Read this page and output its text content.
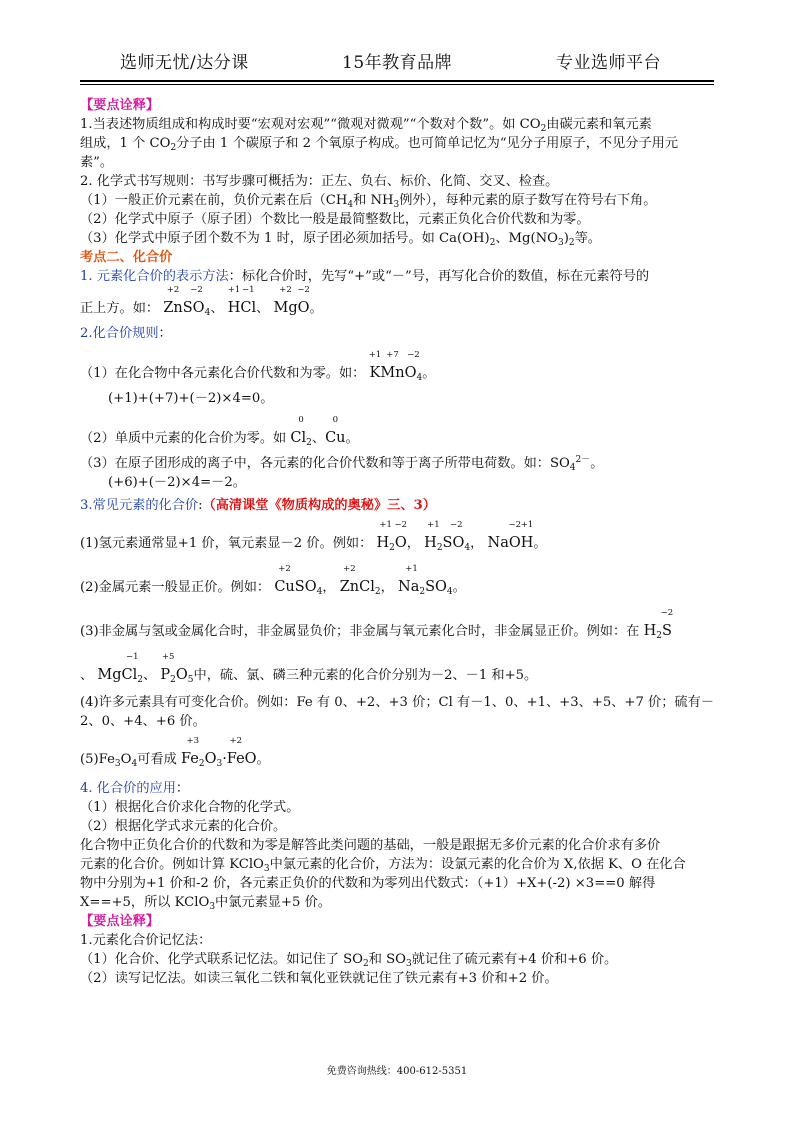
选师无忧/达分课	15年教育品牌	专业选师平台
【要点诠释】
1.当表述物质组成和构成时要“宏观对宏观”“微观对微观”“个数对个数”。如 $CO_2$由碳元素和氧元素
组成，1 个 $CO_2$分子由 1 个碳原子和 2 个氧原子构成。也可简单记忆为“见分子用原子，不见分子用元
素”。
2. 化学式书写规则：书写步骤可概括为：正左、负右、标价、化简、交叉、检查。
（1）一般正价元素在前，负价元素在后（$CH_4$和 $NH_3$例外），每种元素的原子数写在符号右下角。
（2）化学式中原子（原子团）个数比一般是最简整数比，元素正负化合价代数和为零。
（3）化学式中原子团个数不为 1 时，原子团必须加括号。如 $Ca(OH)_2$、$Mg(NO_3)_2$等。
考点二、化合价
1. 元素化合价的表示方法：标化合价时，先写“+”或“－”号，再写化合价的数值，标在元素符号的
正上方。如： Zn
+2
$SO_4$
−2
、 H
+1
Cl
−1
、 Mg
+2
O
−2
。
2.化合价规则：
（1）在化合物中各元素化合价代数和为零。如： K
+1
Mn
+7
$O_4$
−2
。
(+1)+(+7)+(－2)×4=0。
（2）单质中元素的化合价为零。如 $Cl_2$
0
、Cu
0
。
（3）在原子团形成的离子中，各元素的化合价代数和等于离子所带电荷数。如：$SO_4^{2-}$。
(+6)+(－2)×4=－2。
3.常见元素的化合价:（高清课堂《物质构成的奥秘》三、3）
(1)氢元素通常显+1 价，氧元素显－2 价。例如： $H_2$
+1
O
−2
， $H_2$
+1
$SO_4$
−2
， NaO
−2
H
+1
。
(2)金属元素一般显正价。例如： Cu
+2
$SO_4$， Zn
+2
$Cl_2$， $Na_2$
+1
$SO_4$。
(3)非金属与氢或金属化合时，非金属显负价；非金属与氧元素化合时，非金属显正价。例如：在 $H_2S$
−2
、 MgCl$_2$
−1
、 $P_2$
+5
$O_5$中，硫、氯、磷三种元素的化合价分别为－2、－1 和+5。
(4)许多元素具有可变化合价。例如：Fe 有 0、+2、+3 价；Cl 有－1、0、+1、+3、+5、+7 价；硫有－
2、0、+4、+6 价。
$(5)Fe_3O_4$可看成 $Fe_2$
+3
$O_3\cdot Fe$
+2
O。
4. 化合价的应用：
（1）根据化合价求化合物的化学式。
（2）根据化学式求元素的化合价。
化合物中正负化合价的代数和为零是解答此类问题的基础，一般是跟据无多价元素的化合价求有多价
元素的化合价。例如计算 KClO$_3$中氯元素的化合价，方法为：设氯元素的化合价为 X,依据 K、O 在化合
物中分别为+1 价和-2 价，各元素正负价的代数和为零列出代数式：（+1）+X+(-2) ×3==0 解得
X==+5，所以 KClO$_3$中氯元素显+5 价。
【要点诠释】
1.元素化合价记忆法：
（1）化合价、化学式联系记忆法。如记住了 $SO_2$和 $SO_3$就记住了硫元素有+4 价和+6 价。
（2）读写记忆法。如读三氧化二铁和氧化亚铁就记住了铁元素有+3 价和+2 价。
免费咨询热线：400-612-5351
